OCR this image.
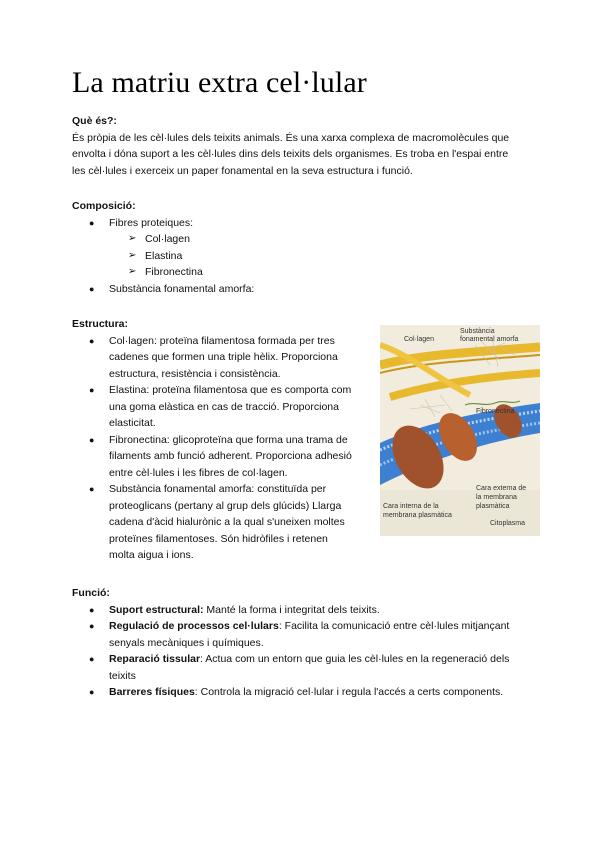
La matriu extra cel·lular
Què és?:

És pròpia de les cèl·lules dels teixits animals. És una xarxa complexa de macromolècules que

envolta i dóna suport a les cèl·lules dins dels teixits dels organismes. Es troba en l'espai entre

les cèl·lules i exerceix un paper fonamental en la seva estructura i funció.

Composició:
● Fibres proteiques:
➢ Col·lagen
➢ Elastina
➢ Fibronectina
● Substància fonamental amorfa:
Estructura:
● Col·lagen: proteïna filamentosa formada per tres
cadenes que formen una triple hèlix. Proporciona
estructura, resistència i consistència.
● Elastina: proteïna filamentosa que es comporta com
una goma elàstica en cas de tracció. Proporciona
elasticitat.
● Fibronectina: glicoproteïna que forma una trama de
filaments amb funció adherent. Proporciona adhesió
entre cèl·lules i les fibres de col·lagen.
● Substància fonamental amorfa: constituïda per
proteoglicans (pertany al grup dels glúcids) Llarga
cadena d'àcid hialurònic a la qual s'uneixen moltes
proteïnes filamentoses. Són hidròfiles i retenen
molta aigua i ions.
Col·lagen
Substància
fonamental amorfa
Fibronectina
Cara externa de
la membrana
plasmàtica
Cara interna de la
membrana plasmàtica
Citoplasma
Funció:
● Suport estructural: Manté la forma i integritat dels teixits.
● Regulació de processos cel·lulars: Facilita la comunicació entre cèl·lules mitjançant
senyals mecàniques i químiques.
● Reparació tissular: Actua com un entorn que guia les cèl·lules en la regeneració dels
teixits
● Barreres físiques: Controla la migració cel·lular i regula l'accés a certs components.
